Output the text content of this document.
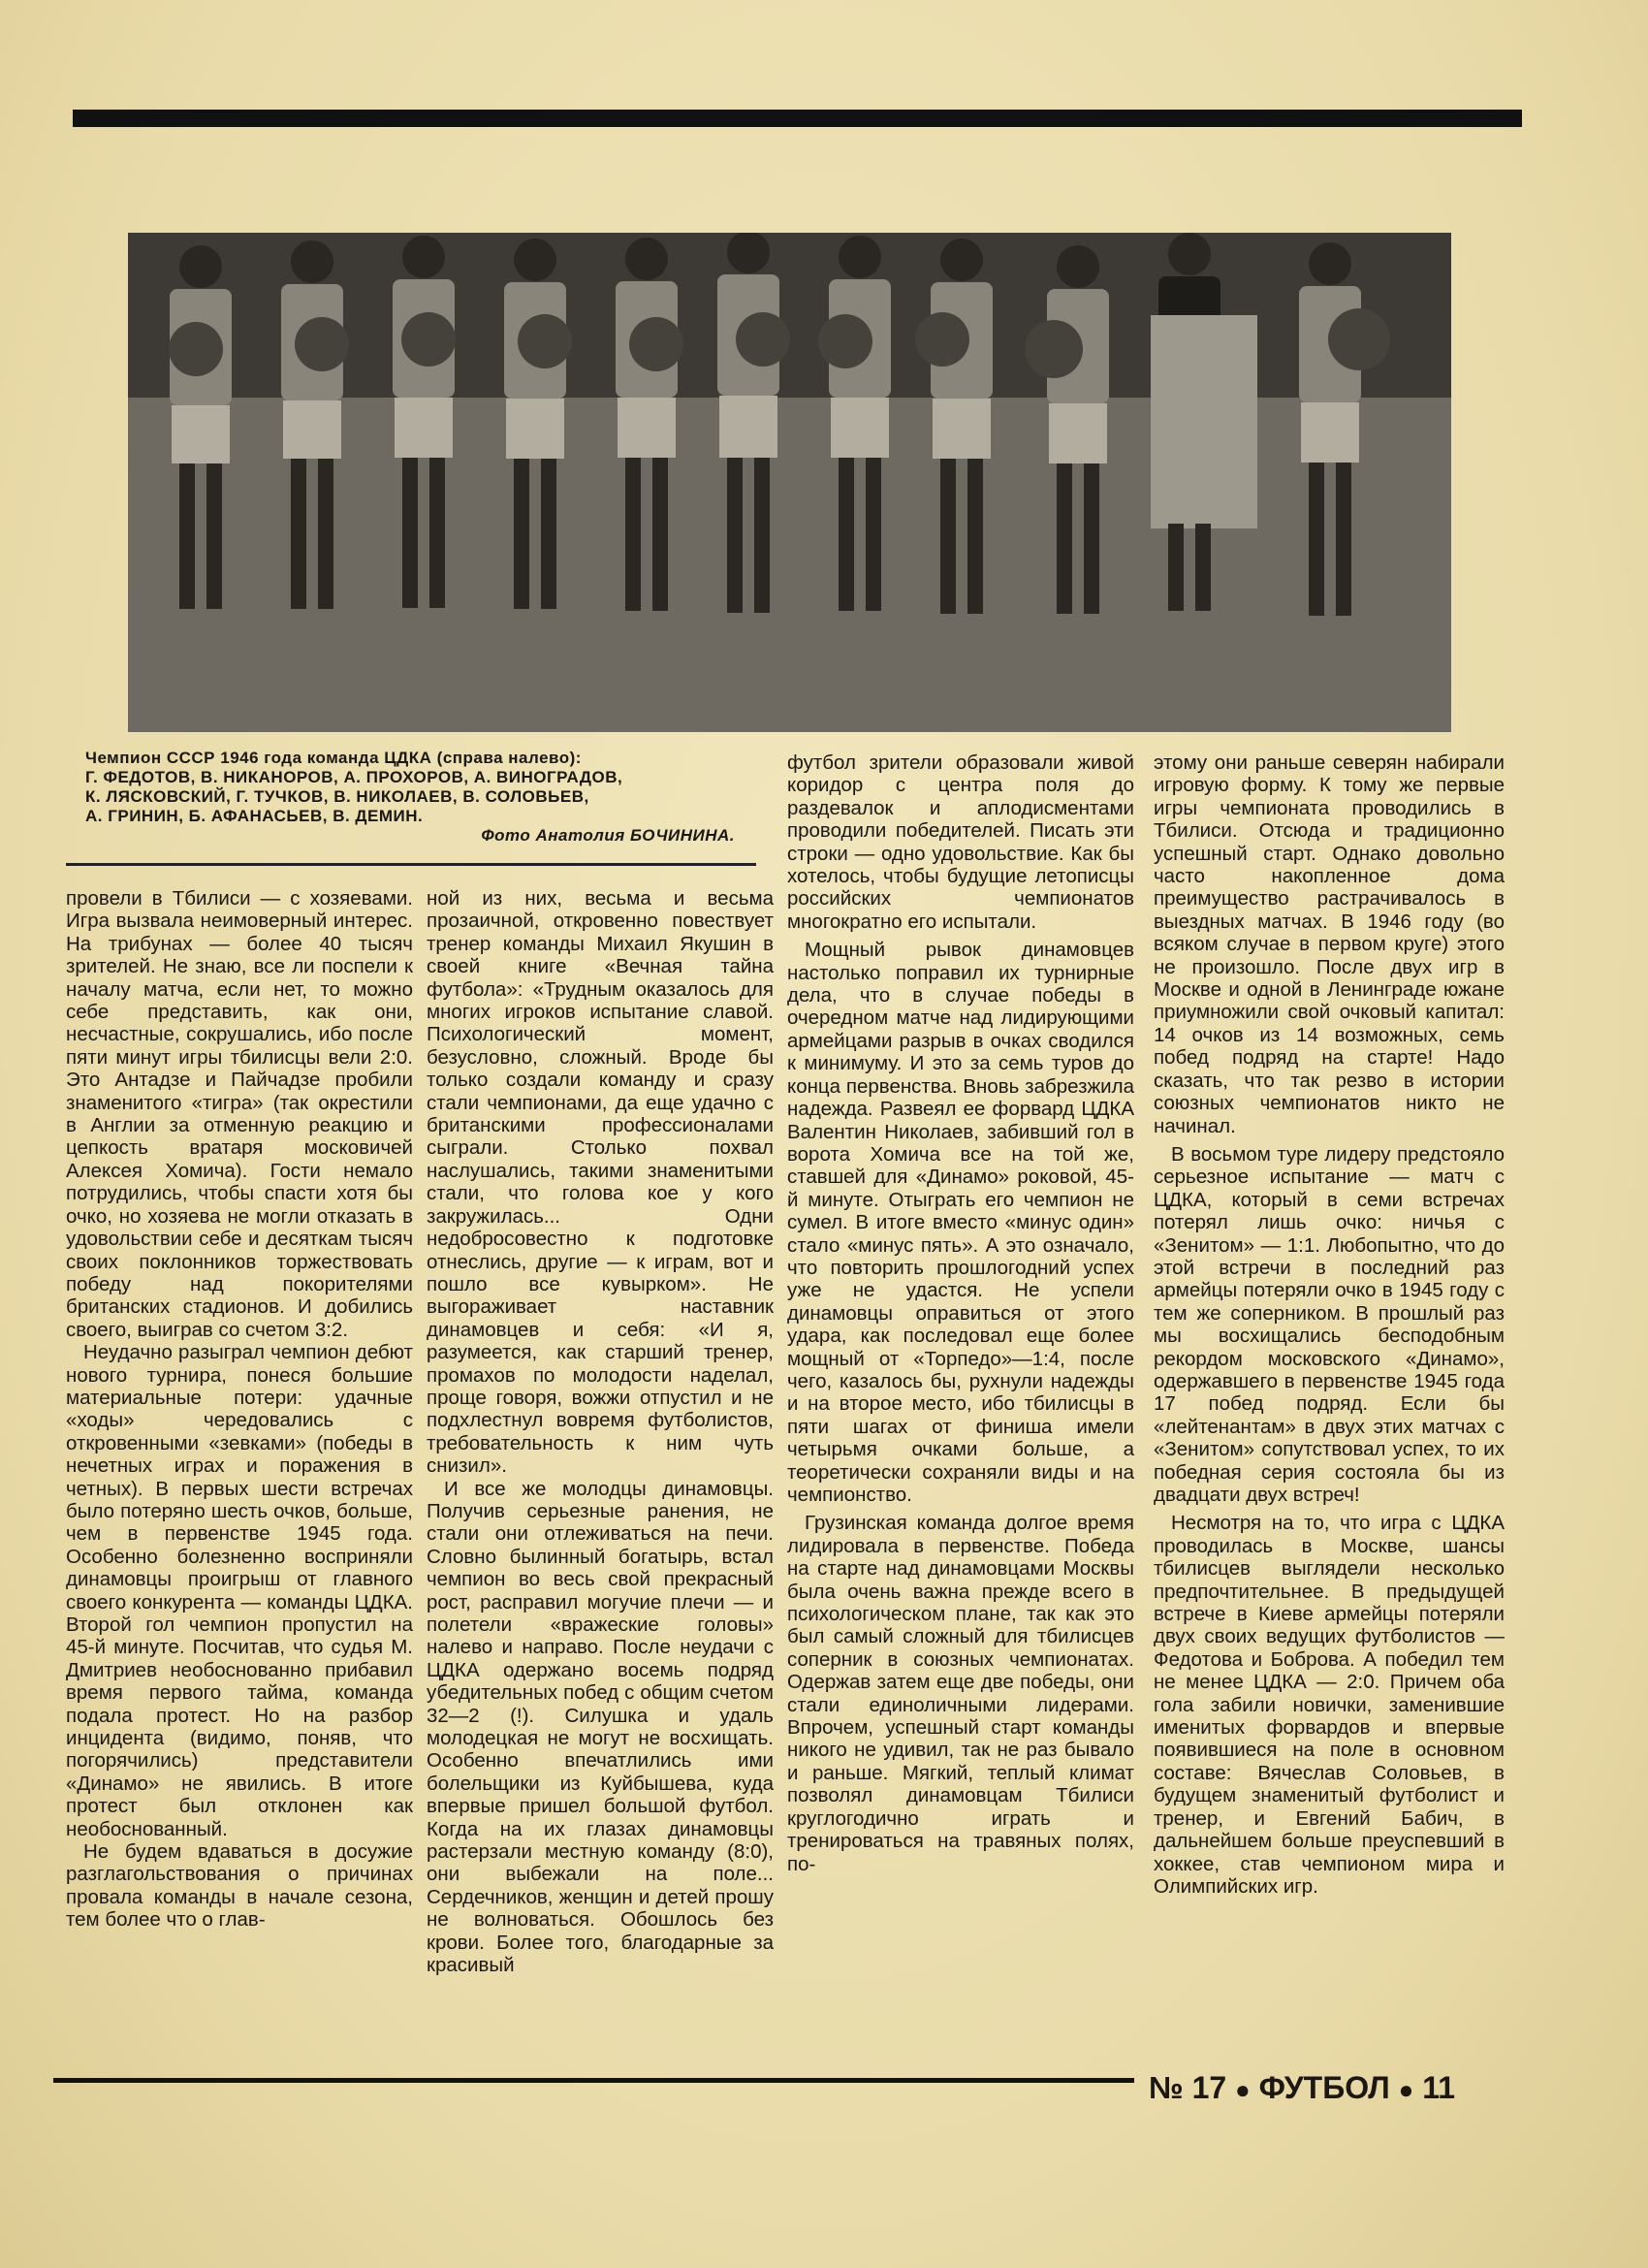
Чемпион СССР 1946 года команда ЦДКА (справа налево):
Г. ФЕДОТОВ, В. НИКАНОРОВ, А. ПРОХОРОВ, А. ВИНОГРАДОВ,
К. ЛЯСКОВСКИЙ, Г. ТУЧКОВ, В. НИКОЛАЕВ, В. СОЛОВЬЕВ,
А. ГРИНИН, Б. АФАНАСЬЕВ, В. ДЕМИН.
Фото Анатолия БОЧИНИНА.

провели в Тбилиси — с хозяевами. Игра вызвала неимоверный интерес. На трибунах — более 40 тысяч зрителей. Не знаю, все ли поспели к началу матча, если нет, то можно себе представить, как они, несчастные, сокрушались, ибо после пяти минут игры тбилисцы вели 2:0. Это Антадзе и Пайчадзе пробили знаменитого «тигра» (так окрестили в Англии за отменную реакцию и цепкость вратаря московичей Алексея Хомича). Гости немало потрудились, чтобы спасти хотя бы очко, но хозяева не могли отказать в удовольствии себе и десяткам тысяч своих поклонников торжествовать победу над покорителями британских стадионов. И добились своего, выиграв со счетом 3:2.

Неудачно разыграл чемпион дебют нового турнира, понеся большие материальные потери: удачные «ходы» чередовались с откровенными «зевками» (победы в нечетных играх и поражения в четных). В первых шести встречах было потеряно шесть очков, больше, чем в первенстве 1945 года. Особенно болезненно восприняли динамовцы проигрыш от главного своего конкурента — команды ЦДКА. Второй гол чемпион пропустил на 45-й минуте. Посчитав, что судья М. Дмитриев необоснованно прибавил время первого тайма, команда подала протест. Но на разбор инцидента (видимо, поняв, что погорячились) представители «Динамо» не явились. В итоге протест был отклонен как необоснованный.

Не будем вдаваться в досужие разглагольствования о причинах провала команды в начале сезона, тем более что о глав-

ной из них, весьма и весьма прозаичной, откровенно повествует тренер команды Михаил Якушин в своей книге «Вечная тайна футбола»: «Трудным оказалось для многих игроков испытание славой. Психологический момент, безусловно, сложный. Вроде бы только создали команду и сразу стали чемпионами, да еще удачно с британскими профессионалами сыграли. Столько похвал наслушались, такими знаменитыми стали, что голова кое у кого закружилась... Одни недобросовестно к подготовке отнеслись, другие — к играм, вот и пошло все кувырком». Не выгораживает наставник динамовцев и себя: «И я, разумеется, как старший тренер, промахов по молодости наделал, проще говоря, вожжи отпустил и не подхлестнул вовремя футболистов, требовательность к ним чуть снизил».

И все же молодцы динамовцы. Получив серьезные ранения, не стали они отлеживаться на печи. Словно былинный богатырь, встал чемпион во весь свой прекрасный рост, расправил могучие плечи — и полетели «вражеские головы» налево и направо. После неудачи с ЦДКА одержано восемь подряд убедительных побед с общим счетом 32—2 (!). Силушка и удаль молодецкая не могут не восхищать. Особенно впечатлились ими болельщики из Куйбышева, куда впервые пришел большой футбол. Когда на их глазах динамовцы растерзали местную команду (8:0), они выбежали на поле... Сердечников, женщин и детей прошу не волноваться. Обошлось без крови. Более того, благодарные за красивый

футбол зрители образовали живой коридор с центра поля до раздевалок и аплодисментами проводили победителей. Писать эти строки — одно удовольствие. Как бы хотелось, чтобы будущие летописцы российских чемпионатов многократно его испытали.

Мощный рывок динамовцев настолько поправил их турнирные дела, что в случае победы в очередном матче над лидирующими армейцами разрыв в очках сводился к минимуму. И это за семь туров до конца первенства. Вновь забрезжила надежда. Развеял ее форвард ЦДКА Валентин Николаев, забивший гол в ворота Хомича все на той же, ставшей для «Динамо» роковой, 45-й минуте. Отыграть его чемпион не сумел. В итоге вместо «минус один» стало «минус пять». А это означало, что повторить прошлогодний успех уже не удастся. Не успели динамовцы оправиться от этого удара, как последовал еще более мощный от «Торпедо»—1:4, после чего, казалось бы, рухнули надежды и на второе место, ибо тбилисцы в пяти шагах от финиша имели четырьмя очками больше, а теоретически сохраняли виды и на чемпионство.

Грузинская команда долгое время лидировала в первенстве. Победа на старте над динамовцами Москвы была очень важна прежде всего в психологическом плане, так как это был самый сложный для тбилисцев соперник в союзных чемпионатах. Одержав затем еще две победы, они стали единоличными лидерами. Впрочем, успешный старт команды никого не удивил, так не раз бывало и раньше. Мягкий, теплый климат позволял динамовцам Тбилиси круглогодично играть и тренироваться на травяных полях, по-

этому они раньше северян набирали игровую форму. К тому же первые игры чемпионата проводились в Тбилиси. Отсюда и традиционно успешный старт. Однако довольно часто накопленное дома преимущество растрачивалось в выездных матчах. В 1946 году (во всяком случае в первом круге) этого не произошло. После двух игр в Москве и одной в Ленинграде южане приумножили свой очковый капитал: 14 очков из 14 возможных, семь побед подряд на старте! Надо сказать, что так резво в истории союзных чемпионатов никто не начинал.

В восьмом туре лидеру предстояло серьезное испытание — матч с ЦДКА, который в семи встречах потерял лишь очко: ничья с «Зенитом» — 1:1. Любопытно, что до этой встречи в последний раз армейцы потеряли очко в 1945 году с тем же соперником. В прошлый раз мы восхищались бесподобным рекордом московского «Динамо», одержавшего в первенстве 1945 года 17 побед подряд. Если бы «лейтенантам» в двух этих матчах с «Зенитом» сопутствовал успех, то их победная серия состояла бы из двадцати двух встреч!

Несмотря на то, что игра с ЦДКА проводилась в Москве, шансы тбилисцев выглядели несколько предпочтительнее. В предыдущей встрече в Киеве армейцы потеряли двух своих ведущих футболистов — Федотова и Боброва. А победил тем не менее ЦДКА — 2:0. Причем оба гола забили новички, заменившие именитых форвардов и впервые появившиеся на поле в основном составе: Вячеслав Соловьев, в будущем знаменитый футболист и тренер, и Евгений Бабич, в дальнейшем больше преуспевший в хоккее, став чемпионом мира и Олимпийских игр.

№ 17 ● ФУТБОЛ ● 11
